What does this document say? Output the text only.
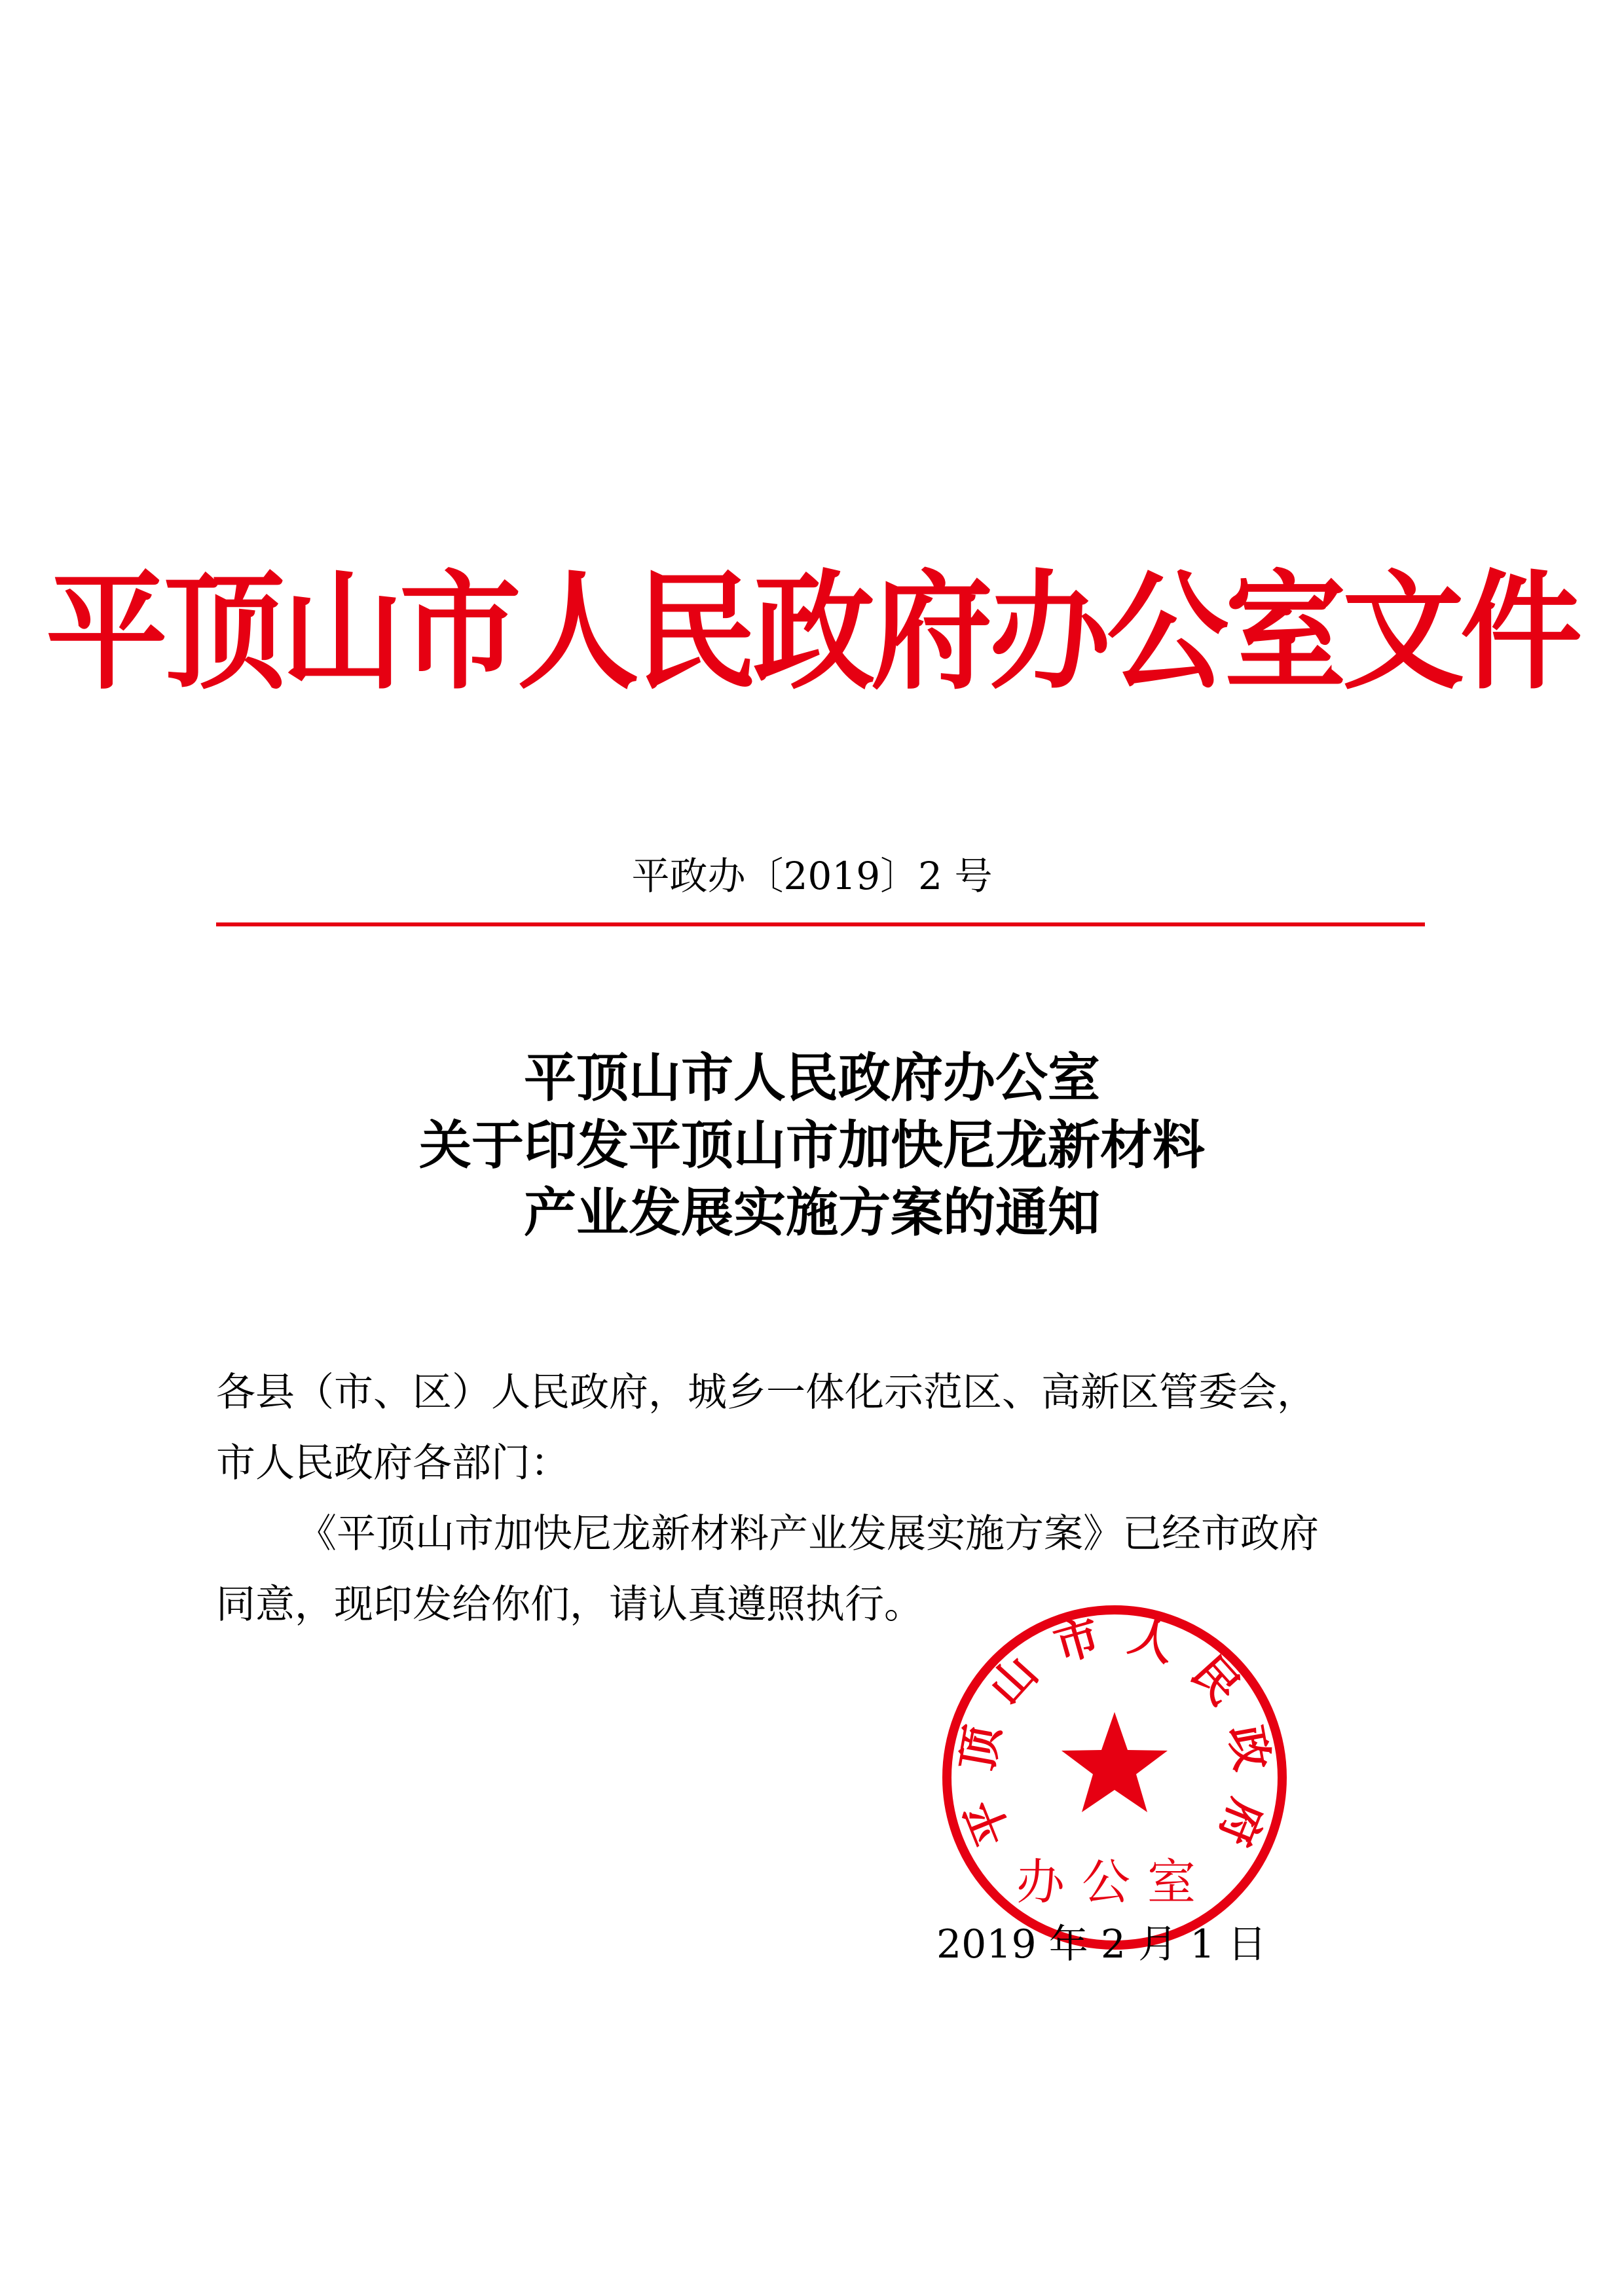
平顶山市人民政府办公室文件
平政办〔2019〕2 号
平顶山市人民政府办公室
关于印发平顶山市加快尼龙新材料
产业发展实施方案的通知

各县（市、区）人民政府，城乡一体化示范区、高新区管委会，

市人民政府各部门：

《平顶山市加快尼龙新材料产业发展实施方案》已经市政府

同意，现印发给你们，请认真遵照执行。

平顶山市人民政府
办公室
2019 年 2 月 1 日
